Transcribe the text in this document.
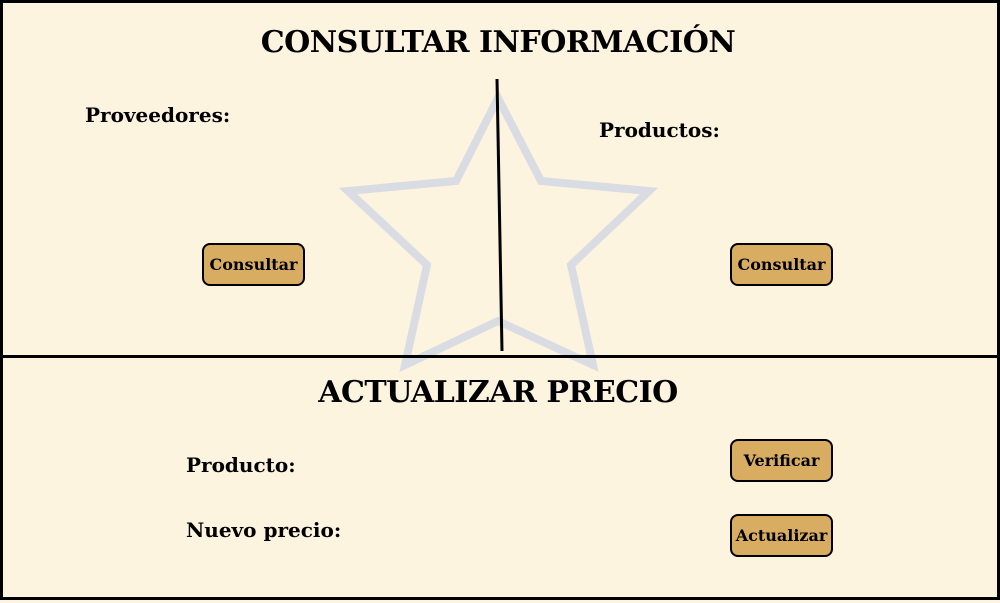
CONSULTAR INFORMACIÓN
Proveedores:
Productos:
Consultar	Consultar
ACTUALIZAR PRECIO
Producto:
Nuevo precio:
Verificar
Actualizar
